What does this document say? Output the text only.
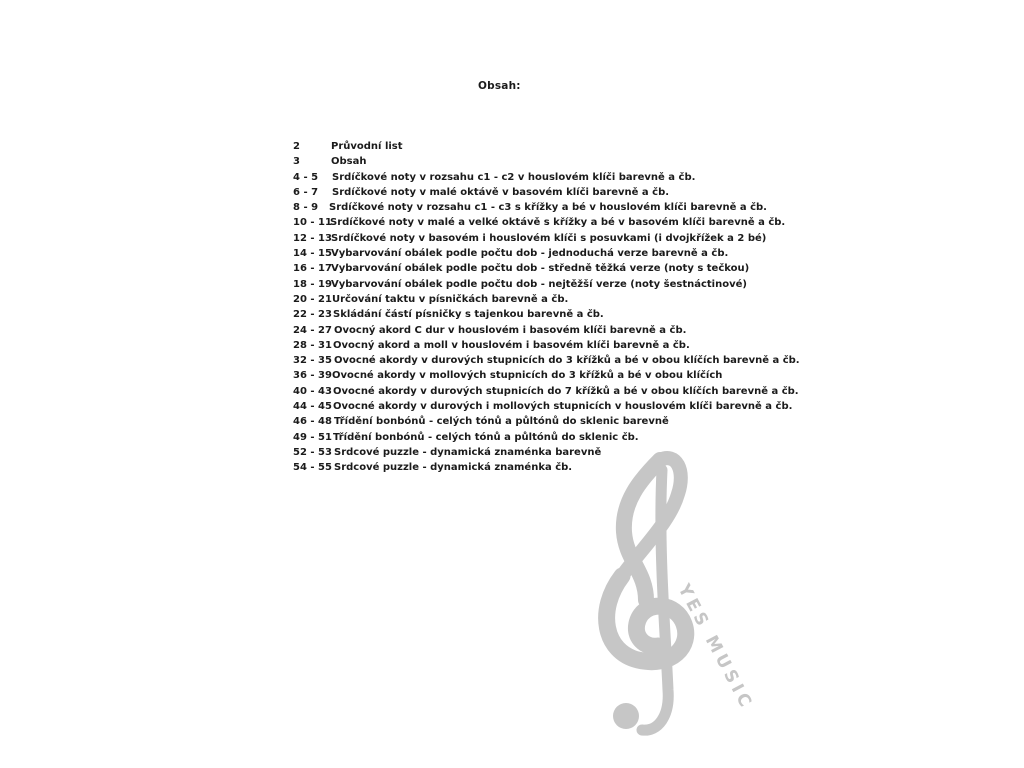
Obsah:
2	Průvodní list
3	Obsah
4 - 5 Srdíčkové noty v rozsahu c1 - c2 v houslovém klíči barevně a čb.
6 - 7 Srdíčkové noty v malé oktávě v basovém klíči barevně a čb.
8 - 9 Srdíčkové noty v rozsahu c1 - c3 s křížky a bé v houslovém klíči barevně a čb.
10 - 11
Srdíčkové noty v malé a velké oktávě s křížky a bé v basovém klíči barevně a čb.
12 - 13 Srdíčkové noty v basovém i houslovém klíči s posuvkami (i dvojkřížek a 2 bé)
14 - 15 Vybarvování obálek podle počtu dob - jednoduchá verze barevně a čb.
16 - 17 Vybarvování obálek podle počtu dob - středně těžká verze (noty s tečkou)
18 - 19 Vybarvování obálek podle počtu dob - nejtěžší verze (noty šestnáctinové)
20 - 21 Určování taktu v písničkách barevně a čb.
22 - 23 Skládání částí písničky s tajenkou barevně a čb.
24 - 27 Ovocný akord C dur v houslovém i basovém klíči barevně a čb.
28 - 31 Ovocný akord a moll v houslovém i basovém klíči barevně a čb.
32 - 35 Ovocné akordy v durových stupnicích do 3 křížků a bé v obou klíčích barevně a čb.
36 - 39 Ovocné akordy v mollových stupnicích do 3 křížků a bé v obou klíčích
40 - 43 Ovocné akordy v durových stupnicích do 7 křížků a bé v obou klíčích barevně a čb.
44 - 45 Ovocné akordy v durových i mollových stupnicích v houslovém klíči barevně a čb.
46 - 48 Třídění bonbónů - celých tónů a půltónů do sklenic barevně
49 - 51 Třídění bonbónů - celých tónů a půltónů do sklenic čb.
52 - 53 Srdcové puzzle - dynamická znaménka barevně
54 - 55 Srdcové puzzle - dynamická znaménka čb.
YES MUSIC
